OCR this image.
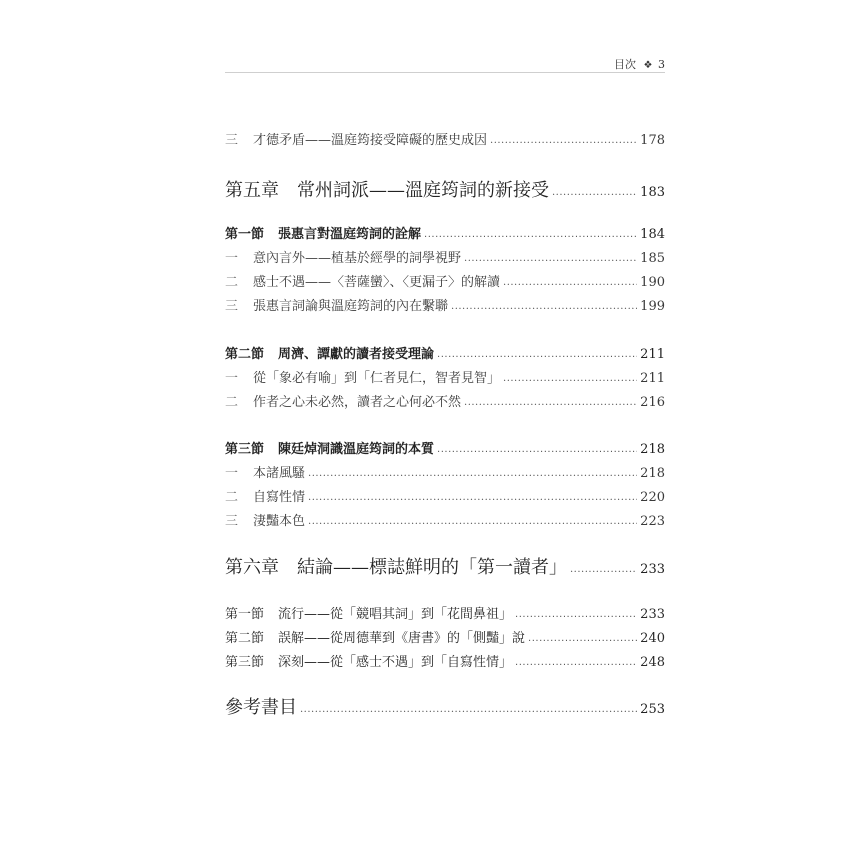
目次 ❖ 3
三 才德矛盾——溫庭筠接受障礙的歷史成因 .....	178
第五章 常州詞派——溫庭筠詞的新接受 .....	183
第一節 張惠言對溫庭筠詞的詮解 .....	184
一 意內言外——植基於經學的詞學視野 .....	185
二 感士不遇——〈菩薩蠻〉、〈更漏子〉的解讀 .....	190
三 張惠言詞論與溫庭筠詞的內在繫聯 .....	199
第二節 周濟、譚獻的讀者接受理論 .....	211
一 從「象必有喻」到「仁者見仁，智者見智」 .....	211
二 作者之心未必然，讀者之心何必不然 .....	216
第三節 陳廷焯洞識溫庭筠詞的本質 .....	218
一 本諸風騷 .....	218
二 自寫性情 .....	220
三 淒豔本色 .....	223
第六章 結論——標誌鮮明的「第一讀者」 .....	233
第一節 流行——從「競唱其詞」到「花間鼻祖」 .....	233
第二節 誤解——從周德華到《唐書》的「側豔」說 .....	240
第三節 深刻——從「感士不遇」到「自寫性情」 .....	248
參考書目 .....	253
